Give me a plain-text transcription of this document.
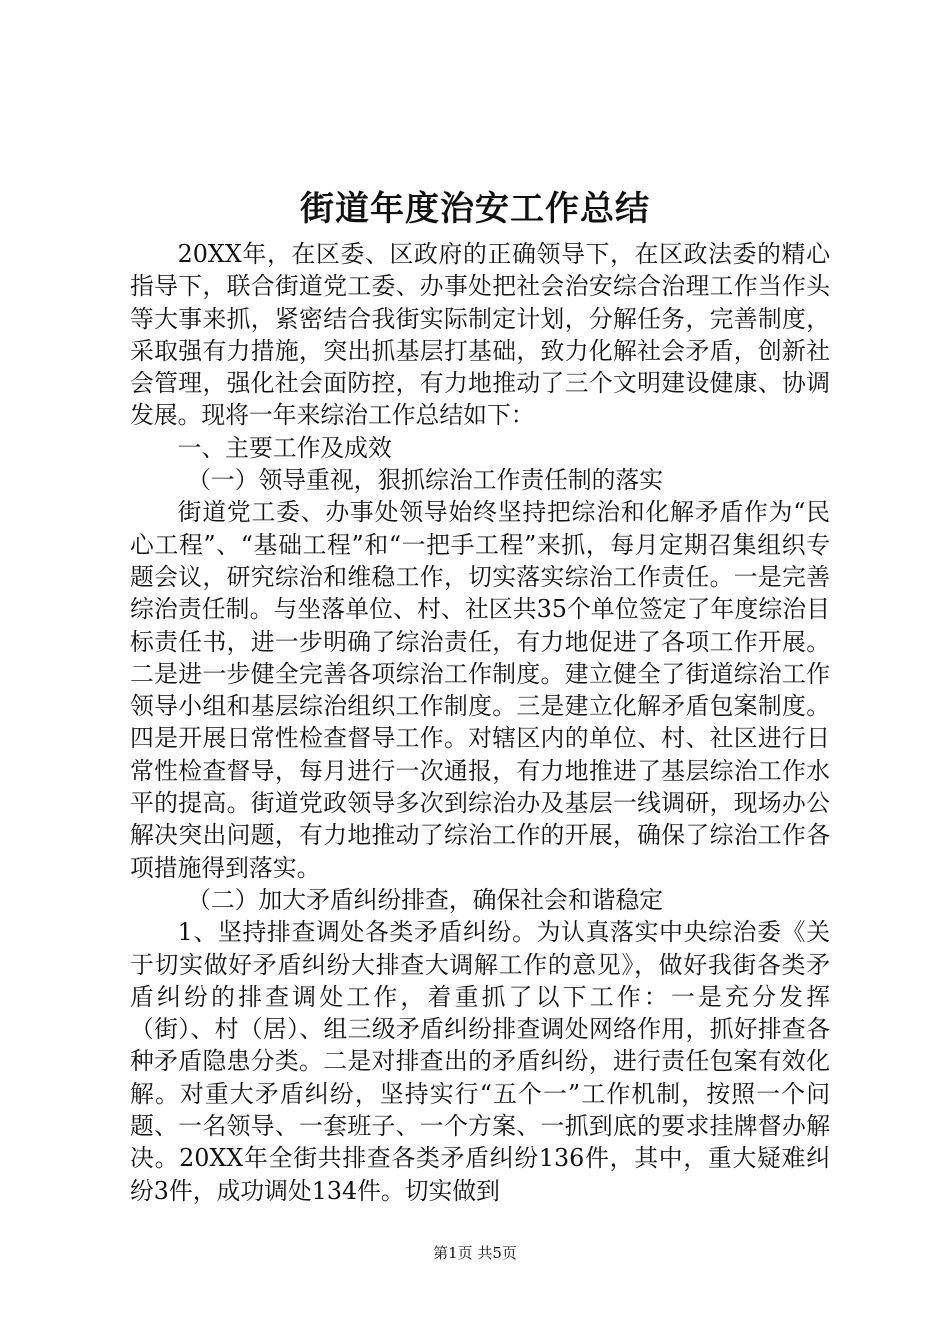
街道年度治安工作总结

20XX年，在区委、区政府的正确领导下，在区政法委的精心指导下，联合街道党工委、办事处把社会治安综合治理工作当作头等大事来抓，紧密结合我街实际制定计划，分解任务，完善制度，采取强有力措施，突出抓基层打基础，致力化解社会矛盾，创新社会管理，强化社会面防控，有力地推动了三个文明建设健康、协调发展。现将一年来综治工作总结如下：

一、主要工作及成效

（一）领导重视，狠抓综治工作责任制的落实

街道党工委、办事处领导始终坚持把综治和化解矛盾作为“民心工程”、“基础工程”和“一把手工程”来抓，每月定期召集组织专题会议，研究综治和维稳工作，切实落实综治工作责任。一是完善综治责任制。与坐落单位、村、社区共35个单位签定了年度综治目标责任书，进一步明确了综治责任，有力地促进了各项工作开展。二是进一步健全完善各项综治工作制度。建立健全了街道综治工作领导小组和基层综治组织工作制度。三是建立化解矛盾包案制度。四是开展日常性检查督导工作。对辖区内的单位、村、社区进行日常性检查督导，每月进行一次通报，有力地推进了基层综治工作水平的提高。街道党政领导多次到综治办及基层一线调研，现场办公解决突出问题，有力地推动了综治工作的开展，确保了综治工作各项措施得到落实。

（二）加大矛盾纠纷排查，确保社会和谐稳定

1、坚持排查调处各类矛盾纠纷。为认真落实中央综治委《关于切实做好矛盾纠纷大排查大调解工作的意见》，做好我街各类矛盾纠纷的排查调处工作，着重抓了以下工作：一是充分发挥（街）、村（居）、组三级矛盾纠纷排查调处网络作用，抓好排查各种矛盾隐患分类。二是对排查出的矛盾纠纷，进行责任包案有效化解。对重大矛盾纠纷，坚持实行“五个一”工作机制，按照一个问题、一名领导、一套班子、一个方案、一抓到底的要求挂牌督办解决。20XX年全街共排查各类矛盾纠纷136件，其中，重大疑难纠纷3件，成功调处134件。切实做到

第1页 共5页
